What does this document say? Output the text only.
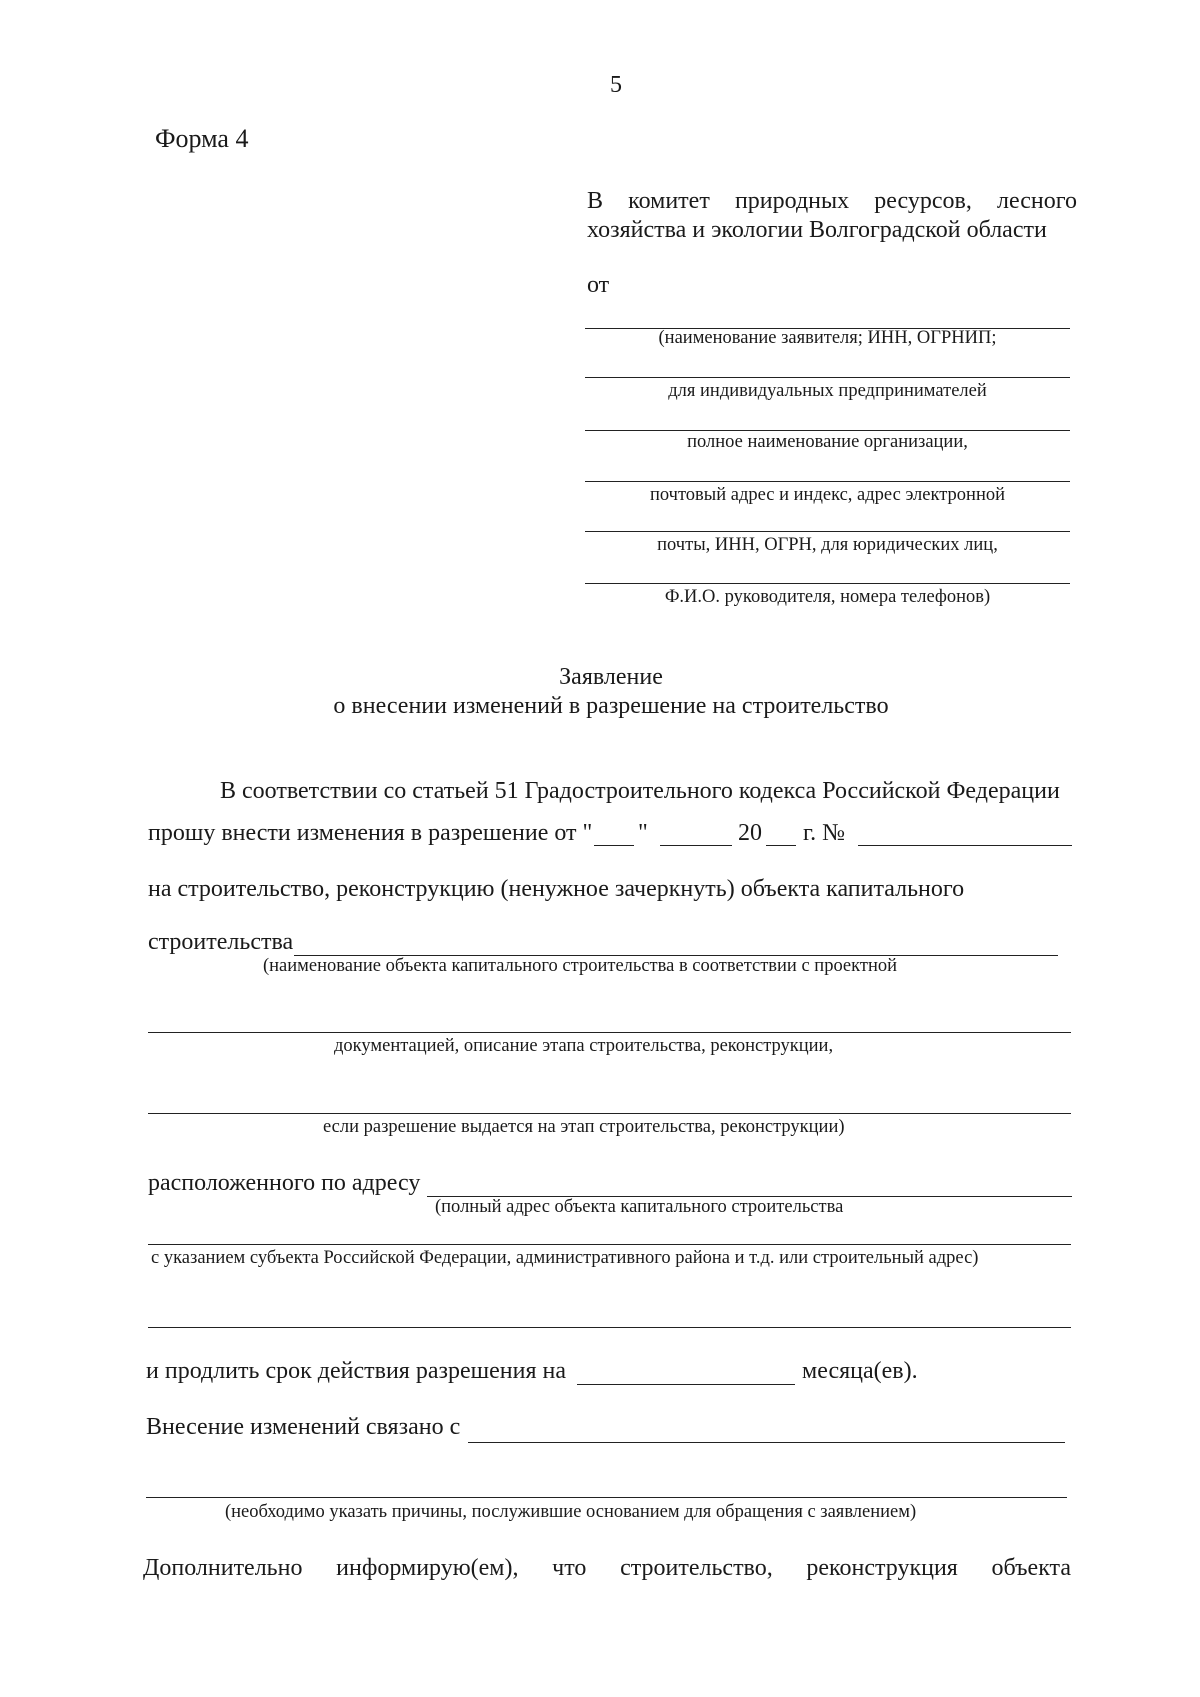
5
Форма 4
В комитет природных ресурсов, лесного
хозяйства и экологии Волгоградской области
от
(наименование заявителя; ИНН, ОГРНИП;
для индивидуальных предпринимателей
полное наименование организации,
почтовый адрес и индекс, адрес электронной
почты, ИНН, ОГРН, для юридических лиц,
Ф.И.О. руководителя, номера телефонов)
Заявление
о внесении изменений в разрешение на строительство
В соответствии со статьей 51 Градостроительного кодекса Российской Федерации
прошу внести изменения в разрешение от " "	20 г. №
на строительство, реконструкцию (ненужное зачеркнуть) объекта капитального
строительства
(наименование объекта капитального строительства в соответствии с проектной
документацией, описание этапа строительства, реконструкции,
если разрешение выдается на этап строительства, реконструкции)
расположенного по адресу
(полный адрес объекта капитального строительства
с указанием субъекта Российской Федерации, административного района и т.д. или строительный адрес)
и продлить срок действия разрешения на	месяца(ев).
Внесение изменений связано с
(необходимо указать причины, послужившие основанием для обращения с заявлением)
Дополнительно информирую(ем), что строительство, реконструкция объекта
